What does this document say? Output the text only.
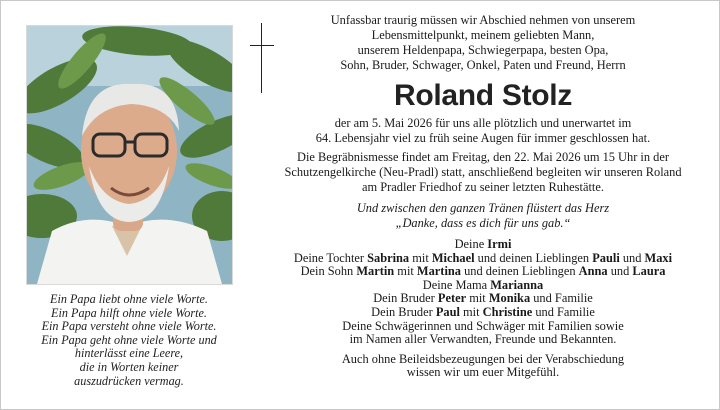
Ein Papa liebt ohne viele Worte.
Ein Papa hilft ohne viele Worte.
Ein Papa versteht ohne viele Worte.
Ein Papa geht ohne viele Worte und
hinterlässt eine Leere,
die in Worten keiner
auszudrücken vermag.
Unfassbar traurig müssen wir Abschied nehmen von unserem
Lebensmittelpunkt, meinem geliebten Mann,
unserem Heldenpapa, Schwiegerpapa, besten Opa,
Sohn, Bruder, Schwager, Onkel, Paten und Freund, Herrn
Roland Stolz
der am 5. Mai 2026 für uns alle plötzlich und unerwartet im
64. Lebensjahr viel zu früh seine Augen für immer geschlossen hat.
Die Begräbnismesse findet am Freitag, den 22. Mai 2026 um 15 Uhr in der
Schutzengelkirche (Neu-Pradl) statt, anschließend begleiten wir unseren Roland
am Pradler Friedhof zu seiner letzten Ruhestätte.
Und zwischen den ganzen Tränen flüstert das Herz
„Danke, dass es dich für uns gab.“
Deine Irmi
Deine Tochter Sabrina mit Michael und deinen Lieblingen Pauli und Maxi
Dein Sohn Martin mit Martina und deinen Lieblingen Anna und Laura
Deine Mama Marianna
Dein Bruder Peter mit Monika und Familie
Dein Bruder Paul mit Christine und Familie
Deine Schwägerinnen und Schwäger mit Familien sowie
im Namen aller Verwandten, Freunde und Bekannten.
Auch ohne Beileidsbezeugungen bei der Verabschiedung
wissen wir um euer Mitgefühl.
